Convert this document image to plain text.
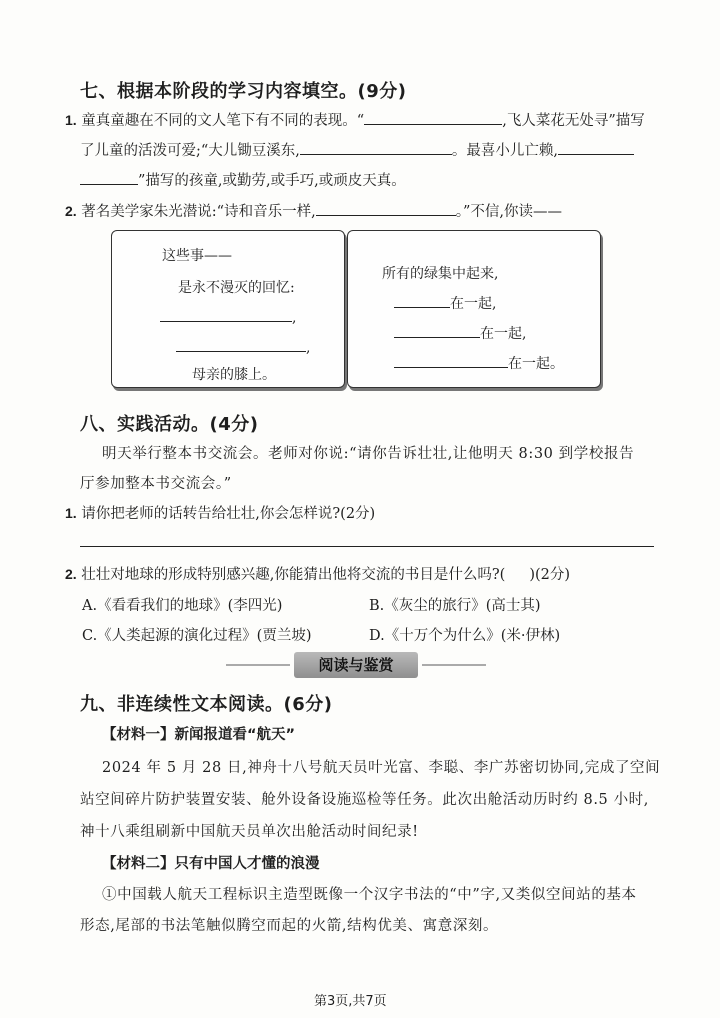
七、根据本阶段的学习内容填空。(9分)
1. 童真童趣在不同的文人笔下有不同的表现。“	,飞人菜花无处寻”描写
了儿童的活泼可爱;“大儿锄豆溪东,	。最喜小儿亡赖,
”描写的孩童,或勤劳,或手巧,或顽皮天真。
2. 著名美学家朱光潜说:“诗和音乐一样,	。”不信,你读——
这些事——
是永不漫灭的回忆:
,
,
母亲的膝上。
所有的绿集中起来,
在一起,
在一起,
在一起。
八、实践活动。(4分)
明天举行整本书交流会。老师对你说:“请你告诉壮壮,让他明天 8:30 到学校报告
厅参加整本书交流会。”
1. 请你把老师的话转告给壮壮,你会怎样说?(2分)
2. 壮壮对地球的形成特别感兴趣,你能猜出他将交流的书目是什么吗?( )(2分)
A.《看看我们的地球》(李四光)	B.《灰尘的旅行》(高士其)
C.《人类起源的演化过程》(贾兰坡)	D.《十万个为什么》(米·伊林)
阅读与鉴赏
九、非连续性文本阅读。(6分)
【材料一】新闻报道看“航天”
2024 年 5 月 28 日,神舟十八号航天员叶光富、李聪、李广苏密切协同,完成了空间
站空间碎片防护装置安装、舱外设备设施巡检等任务。此次出舱活动历时约 8.5 小时,
神十八乘组刷新中国航天员单次出舱活动时间纪录!
【材料二】只有中国人才懂的浪漫
①中国载人航天工程标识主造型既像一个汉字书法的“中”字,又类似空间站的基本
形态,尾部的书法笔触似腾空而起的火箭,结构优美、寓意深刻。
第3页,共7页
